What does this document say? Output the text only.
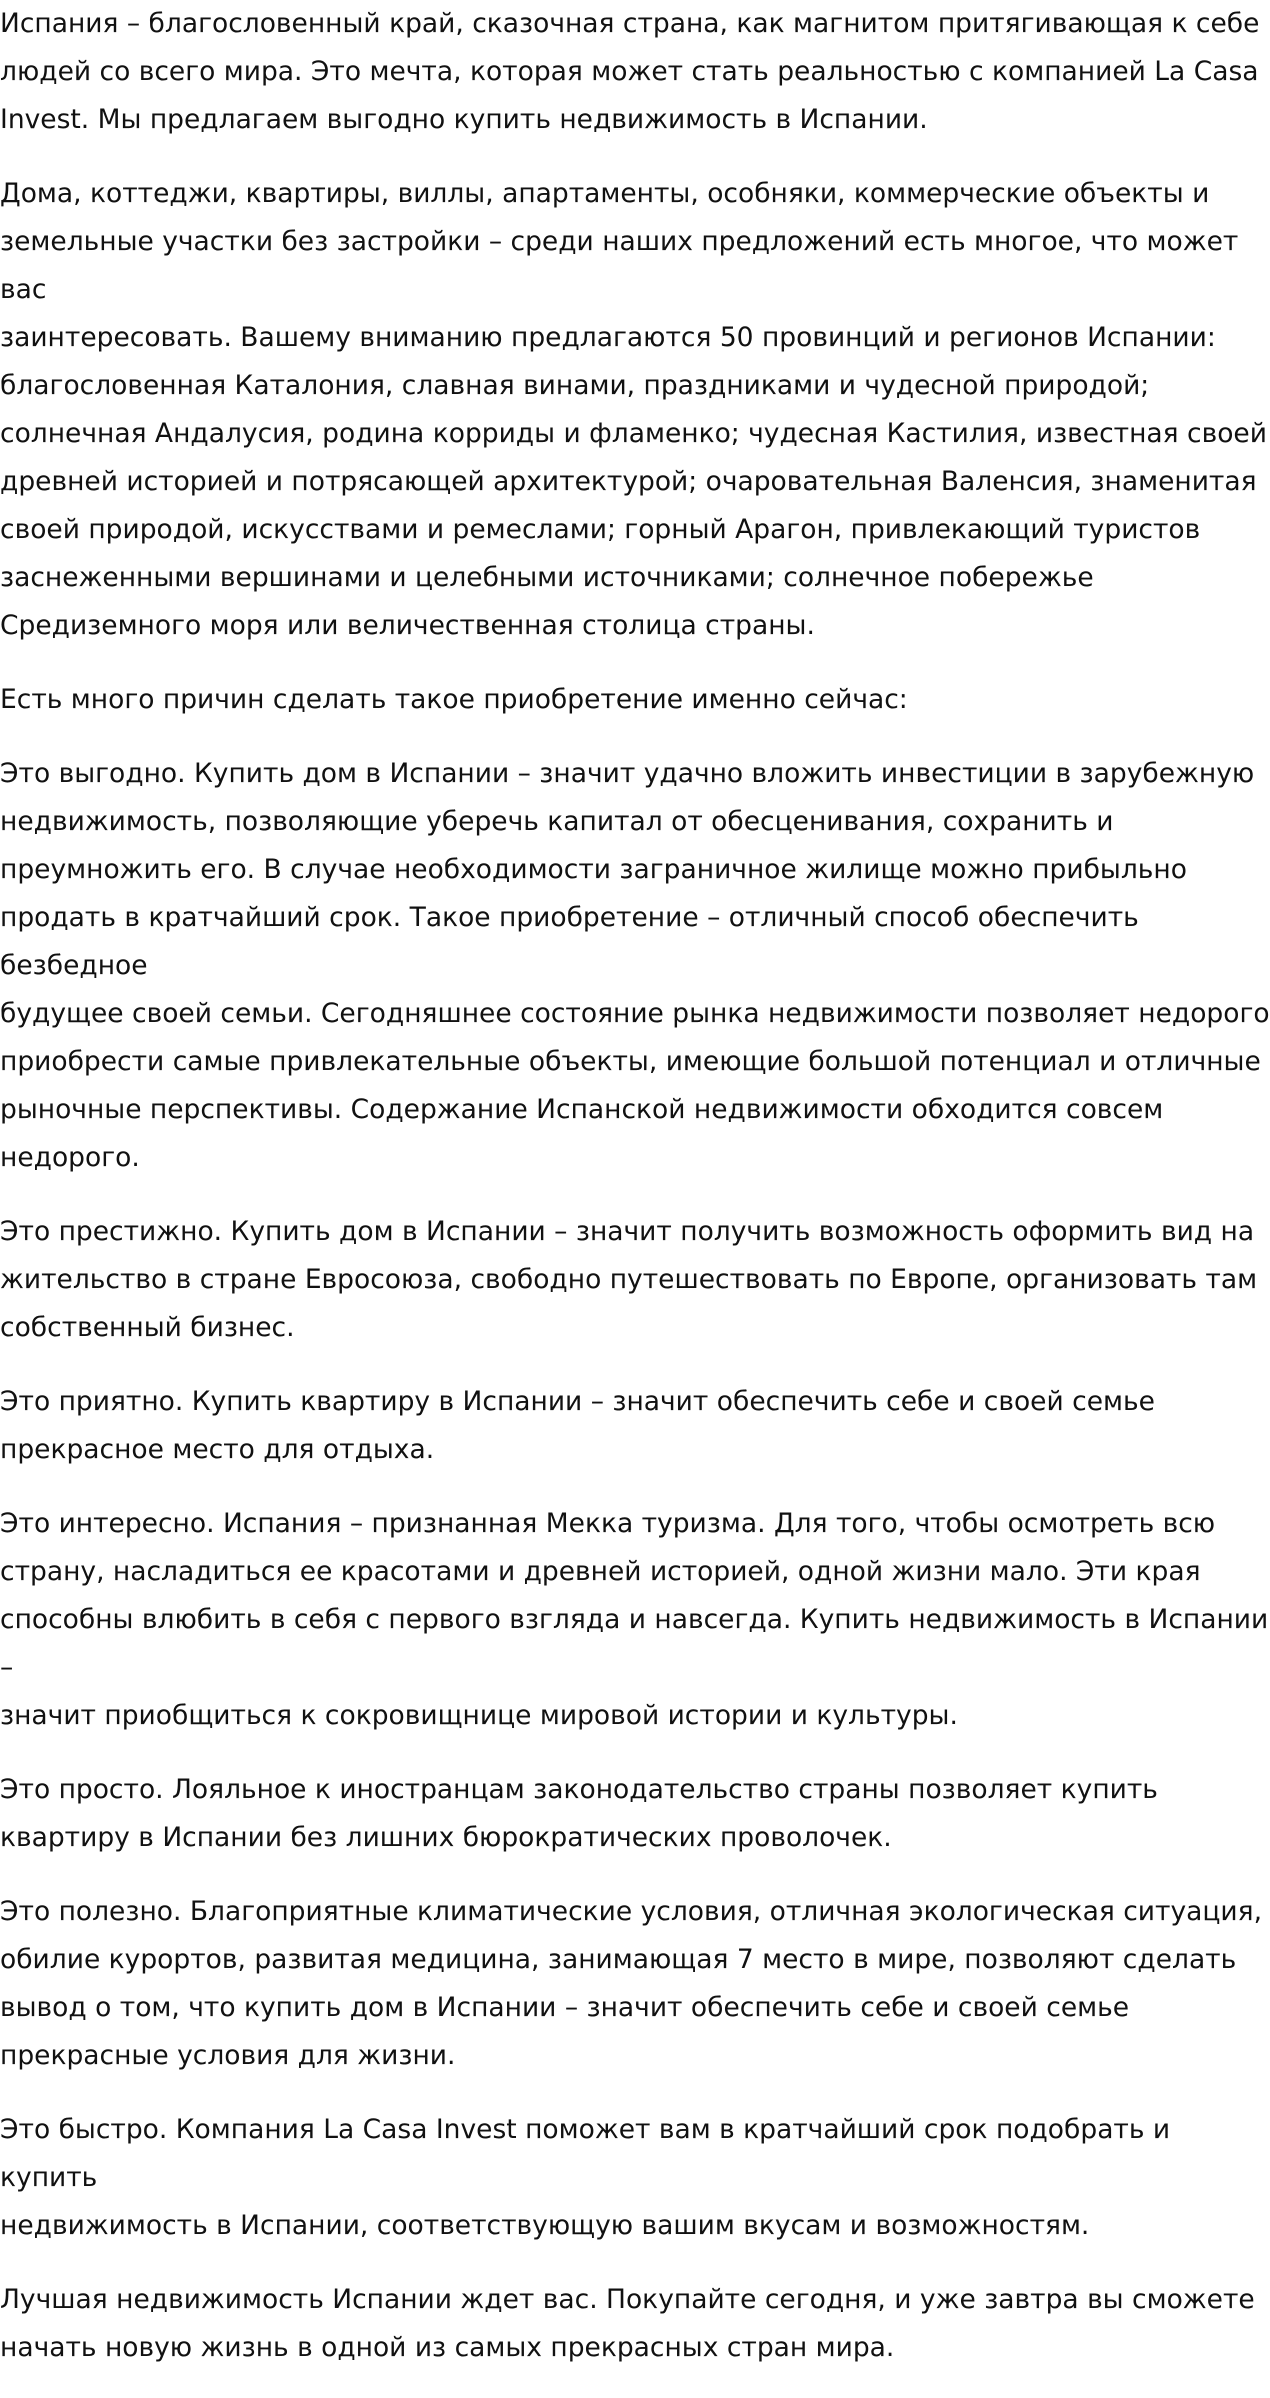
Испания – благословенный край, сказочная страна, как магнитом притягивающая к себе
людей со всего мира. Это мечта, которая может стать реальностью с компанией La Casa
Invest. Мы предлагаем выгодно купить недвижимость в Испании.

Дома, коттеджи, квартиры, виллы, апартаменты, особняки, коммерческие объекты и
земельные участки без застройки – среди наших предложений есть многое, что может вас
заинтересовать. Вашему вниманию предлагаются 50 провинций и регионов Испании:
благословенная Каталония, славная винами, праздниками и чудесной природой;
солнечная Андалусия, родина корриды и фламенко; чудесная Кастилия, известная своей
древней историей и потрясающей архитектурой; очаровательная Валенсия, знаменитая
своей природой, искусствами и ремеслами; горный Арагон, привлекающий туристов
заснеженными вершинами и целебными источниками; солнечное побережье
Средиземного моря или величественная столица страны.

Есть много причин сделать такое приобретение именно сейчас:

Это выгодно. Купить дом в Испании – значит удачно вложить инвестиции в зарубежную
недвижимость, позволяющие уберечь капитал от обесценивания, сохранить и
преумножить его. В случае необходимости заграничное жилище можно прибыльно
продать в кратчайший срок. Такое приобретение – отличный способ обеспечить безбедное
будущее своей семьи. Сегодняшнее состояние рынка недвижимости позволяет недорого
приобрести самые привлекательные объекты, имеющие большой потенциал и отличные
рыночные перспективы. Содержание Испанской недвижимости обходится совсем
недорого.

Это престижно. Купить дом в Испании – значит получить возможность оформить вид на
жительство в стране Евросоюза, свободно путешествовать по Европе, организовать там
собственный бизнес.

Это приятно. Купить квартиру в Испании – значит обеспечить себе и своей семье
прекрасное место для отдыха.

Это интересно. Испания – признанная Мекка туризма. Для того, чтобы осмотреть всю
страну, насладиться ее красотами и древней историей, одной жизни мало. Эти края
способны влюбить в себя с первого взгляда и навсегда. Купить недвижимость в Испании –
значит приобщиться к сокровищнице мировой истории и культуры.

Это просто. Лояльное к иностранцам законодательство страны позволяет купить
квартиру в Испании без лишних бюрократических проволочек.

Это полезно. Благоприятные климатические условия, отличная экологическая ситуация,
обилие курортов, развитая медицина, занимающая 7 место в мире, позволяют сделать
вывод о том, что купить дом в Испании – значит обеспечить себе и своей семье
прекрасные условия для жизни.

Это быстро. Компания La Casa Invest поможет вам в кратчайший срок подобрать и купить
недвижимость в Испании, соответствующую вашим вкусам и возможностям.

Лучшая недвижимость Испании ждет вас. Покупайте сегодня, и уже завтра вы сможете
начать новую жизнь в одной из самых прекрасных стран мира.
